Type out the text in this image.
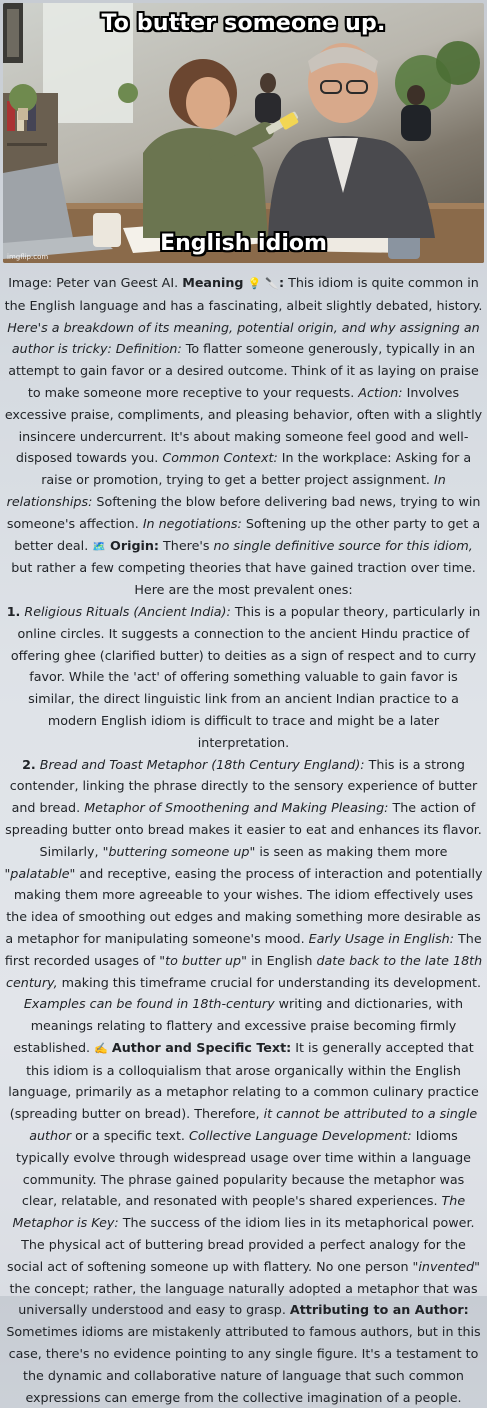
To butter someone up.
English idiom
imgflip.com

Image: Peter van Geest AI. Meaning 💡 🔪: This idiom is quite common in the English language and has a fascinating, albeit slightly debated, history. Here's a breakdown of its meaning, potential origin, and why assigning an author is tricky: Definition: To flatter someone generously, typically in an attempt to gain favor or a desired outcome. Think of it as laying on praise to make someone more receptive to your requests. Action: Involves excessive praise, compliments, and pleasing behavior, often with a slightly insincere undercurrent. It's about making someone feel good and well-disposed towards you. Common Context: In the workplace: Asking for a raise or promotion, trying to get a better project assignment. In relationships: Softening the blow before delivering bad news, trying to win someone's affection. In negotiations: Softening up the other party to get a better deal. 🗺️ Origin: There's no single definitive source for this idiom, but rather a few competing theories that have gained traction over time. Here are the most prevalent ones:

1. Religious Rituals (Ancient India): This is a popular theory, particularly in online circles. It suggests a connection to the ancient Hindu practice of offering ghee (clarified butter) to deities as a sign of respect and to curry favor. While the 'act' of offering something valuable to gain favor is similar, the direct linguistic link from an ancient Indian practice to a modern English idiom is difficult to trace and might be a later interpretation.

2. Bread and Toast Metaphor (18th Century England): This is a strong contender, linking the phrase directly to the sensory experience of butter and bread. Metaphor of Smoothening and Making Pleasing: The action of spreading butter onto bread makes it easier to eat and enhances its flavor. Similarly, "buttering someone up" is seen as making them more "palatable" and receptive, easing the process of interaction and potentially making them more agreeable to your wishes. The idiom effectively uses the idea of smoothing out edges and making something more desirable as a metaphor for manipulating someone's mood. Early Usage in English: The first recorded usages of "to butter up" in English date back to the late 18th century, making this timeframe crucial for understanding its development. Examples can be found in 18th-century writing and dictionaries, with meanings relating to flattery and excessive praise becoming firmly established. ✍️ Author and Specific Text: It is generally accepted that this idiom is a colloquialism that arose organically within the English language, primarily as a metaphor relating to a common culinary practice (spreading butter on bread). Therefore, it cannot be attributed to a single author or a specific text. Collective Language Development: Idioms typically evolve through widespread usage over time within a language community. The phrase gained popularity because the metaphor was clear, relatable, and resonated with people's shared experiences. The Metaphor is Key: The success of the idiom lies in its metaphorical power. The physical act of buttering bread provided a perfect analogy for the social act of softening someone up with flattery. No one person "invented" the concept; rather, the language naturally adopted a metaphor that was universally understood and easy to grasp. Attributing to an Author: Sometimes idioms are mistakenly attributed to famous authors, but in this case, there's no evidence pointing to any single figure. It's a testament to the dynamic and collaborative nature of language that such common expressions can emerge from the collective imagination of a people.
